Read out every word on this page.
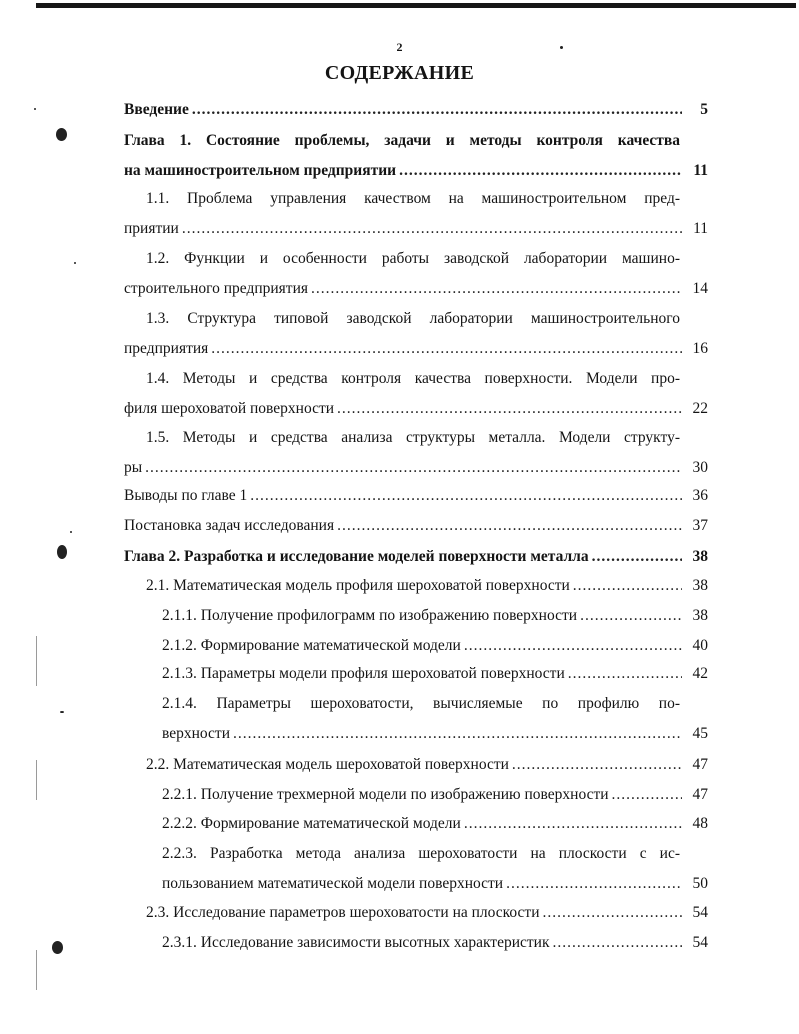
2
СОДЕРЖАНИЕ
Введение .....	5
Глава 1. Состояние проблемы, задачи и методы контроля качества
на машиностроительном предприятии .....	11
1.1. Проблема управления качеством на машиностроительном пред-
приятии .....	11
1.2. Функции и особенности работы заводской лаборатории машино-
строительного предприятия .....	14
1.3. Структура типовой заводской лаборатории машиностроительного
предприятия .....	16
1.4. Методы и средства контроля качества поверхности. Модели про-
филя шероховатой поверхности .....	22
1.5. Методы и средства анализа структуры металла. Модели структу-
ры .....	30
Выводы по главе 1 .....	36
Постановка задач исследования .....	37
Глава 2. Разработка и исследование моделей поверхности металла .....	38
2.1. Математическая модель профиля шероховатой поверхности .....	38
2.1.1. Получение профилограмм по изображению поверхности .....	38
2.1.2. Формирование математической модели .....	40
2.1.3. Параметры модели профиля шероховатой поверхности .....	42
2.1.4. Параметры шероховатости, вычисляемые по профилю по-
верхности .....	45
2.2. Математическая модель шероховатой поверхности .....	47
2.2.1. Получение трехмерной модели по изображению поверхности .....	47
2.2.2. Формирование математической модели .....	48
2.2.3. Разработка метода анализа шероховатости на плоскости с ис-
пользованием математической модели поверхности .....	50
2.3. Исследование параметров шероховатости на плоскости .....	54
2.3.1. Исследование зависимости высотных характеристик .....	54
